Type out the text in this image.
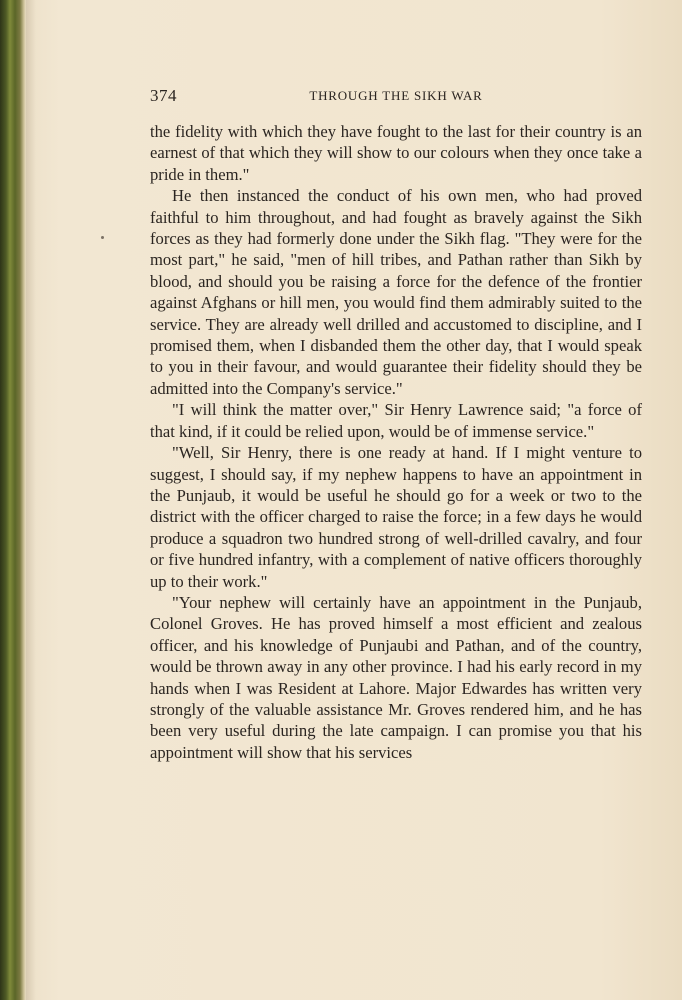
374	THROUGH THE SIKH WAR

the fidelity with which they have fought to the last for their country is an earnest of that which they will show to our colours when they once take a pride in them."

He then instanced the conduct of his own men, who had proved faithful to him throughout, and had fought as bravely against the Sikh forces as they had formerly done under the Sikh flag. "They were for the most part," he said, "men of hill tribes, and Pathan rather than Sikh by blood, and should you be raising a force for the defence of the frontier against Afghans or hill men, you would find them admirably suited to the service. They are already well drilled and accustomed to discipline, and I promised them, when I disbanded them the other day, that I would speak to you in their favour, and would guarantee their fidelity should they be admitted into the Company's service."

"I will think the matter over," Sir Henry Lawrence said; "a force of that kind, if it could be relied upon, would be of immense service."

"Well, Sir Henry, there is one ready at hand. If I might venture to suggest, I should say, if my nephew happens to have an appointment in the Punjaub, it would be useful he should go for a week or two to the district with the officer charged to raise the force; in a few days he would produce a squadron two hundred strong of well-drilled cavalry, and four or five hundred infantry, with a complement of native officers thoroughly up to their work."

"Your nephew will certainly have an appointment in the Punjaub, Colonel Groves. He has proved himself a most efficient and zealous officer, and his knowledge of Punjaubi and Pathan, and of the country, would be thrown away in any other province. I had his early record in my hands when I was Resident at Lahore. Major Edwardes has written very strongly of the valuable assistance Mr. Groves rendered him, and he has been very useful during the late campaign. I can promise you that his appointment will show that his services
